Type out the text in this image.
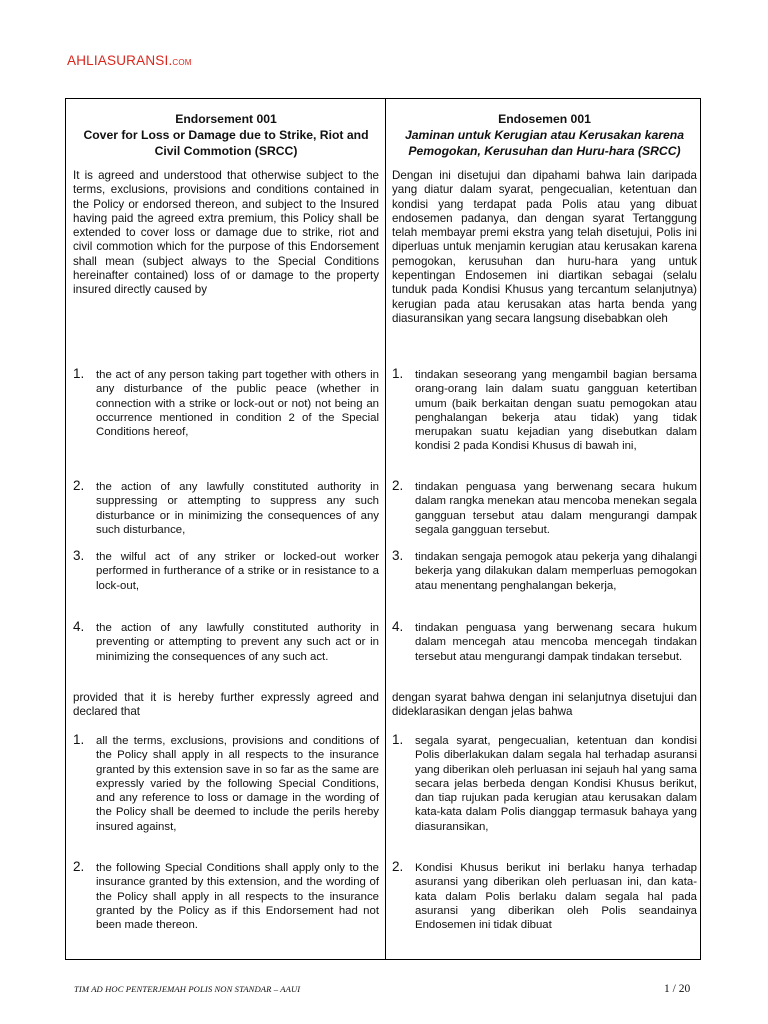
AHLIASURANSI.COM
Endorsement 001
Cover for Loss or Damage due to Strike, Riot and Civil Commotion (SRCC)
It is agreed and understood that otherwise subject to the terms, exclusions, provisions and conditions contained in the Policy or endorsed thereon, and subject to the Insured having paid the agreed extra premium, this Policy shall be extended to cover loss or damage due to strike, riot and civil commotion which for the purpose of this Endorsement shall mean (subject always to the Special Conditions hereinafter contained) loss of or damage to the property insured directly caused by
1. the act of any person taking part together with others in any disturbance of the public peace (whether in connection with a strike or lock-out or not) not being an occurrence mentioned in condition 2 of the Special Conditions hereof,
2. the action of any lawfully constituted authority in suppressing or attempting to suppress any such disturbance or in minimizing the consequences of any such disturbance,
3. the wilful act of any striker or locked-out worker performed in furtherance of a strike or in resistance to a lock-out,
4. the action of any lawfully constituted authority in preventing or attempting to prevent any such act or in minimizing the consequences of any such act.
provided that it is hereby further expressly agreed and declared that
1. all the terms, exclusions, provisions and conditions of the Policy shall apply in all respects to the insurance granted by this extension save in so far as the same are expressly varied by the following Special Conditions, and any reference to loss or damage in the wording of the Policy shall be deemed to include the perils hereby insured against,
2. the following Special Conditions shall apply only to the insurance granted by this extension, and the wording of the Policy shall apply in all respects to the insurance granted by the Policy as if this Endorsement had not been made thereon.
Endosemen 001
Jaminan untuk Kerugian atau Kerusakan karena Pemogokan, Kerusuhan dan Huru-hara (SRCC)
Dengan ini disetujui dan dipahami bahwa lain daripada yang diatur dalam syarat, pengecualian, ketentuan dan kondisi yang terdapat pada Polis atau yang dibuat endosemen padanya, dan dengan syarat Tertanggung telah membayar premi ekstra yang telah disetujui, Polis ini diperluas untuk menjamin kerugian atau kerusakan karena pemogokan, kerusuhan dan huru-hara yang untuk kepentingan Endosemen ini diartikan sebagai (selalu tunduk pada Kondisi Khusus yang tercantum selanjutnya) kerugian pada atau kerusakan atas harta benda yang diasuransikan yang secara langsung disebabkan oleh
1. tindakan seseorang yang mengambil bagian bersama orang-orang lain dalam suatu gangguan ketertiban umum (baik berkaitan dengan suatu pemogokan atau penghalangan bekerja atau tidak) yang tidak merupakan suatu kejadian yang disebutkan dalam kondisi 2 pada Kondisi Khusus di bawah ini,
2. tindakan penguasa yang berwenang secara hukum dalam rangka menekan atau mencoba menekan segala gangguan tersebut atau dalam mengurangi dampak segala gangguan tersebut.
3. tindakan sengaja pemogok atau pekerja yang dihalangi bekerja yang dilakukan dalam memperluas pemogokan atau menentang penghalangan bekerja,
4. tindakan penguasa yang berwenang secara hukum dalam mencegah atau mencoba mencegah tindakan tersebut atau mengurangi dampak tindakan tersebut.
dengan syarat bahwa dengan ini selanjutnya disetujui dan dideklarasikan dengan jelas bahwa
1. segala syarat, pengecualian, ketentuan dan kondisi Polis diberlakukan dalam segala hal terhadap asuransi yang diberikan oleh perluasan ini sejauh hal yang sama secara jelas berbeda dengan Kondisi Khusus berikut, dan tiap rujukan pada kerugian atau kerusakan dalam kata-kata dalam Polis dianggap termasuk bahaya yang diasuransikan,
2. Kondisi Khusus berikut ini berlaku hanya terhadap asuransi yang diberikan oleh perluasan ini, dan kata-kata dalam Polis berlaku dalam segala hal pada asuransi yang diberikan oleh Polis seandainya Endosemen ini tidak dibuat
TIM AD HOC PENTERJEMAH POLIS NON STANDAR – AAUI	1 / 20
